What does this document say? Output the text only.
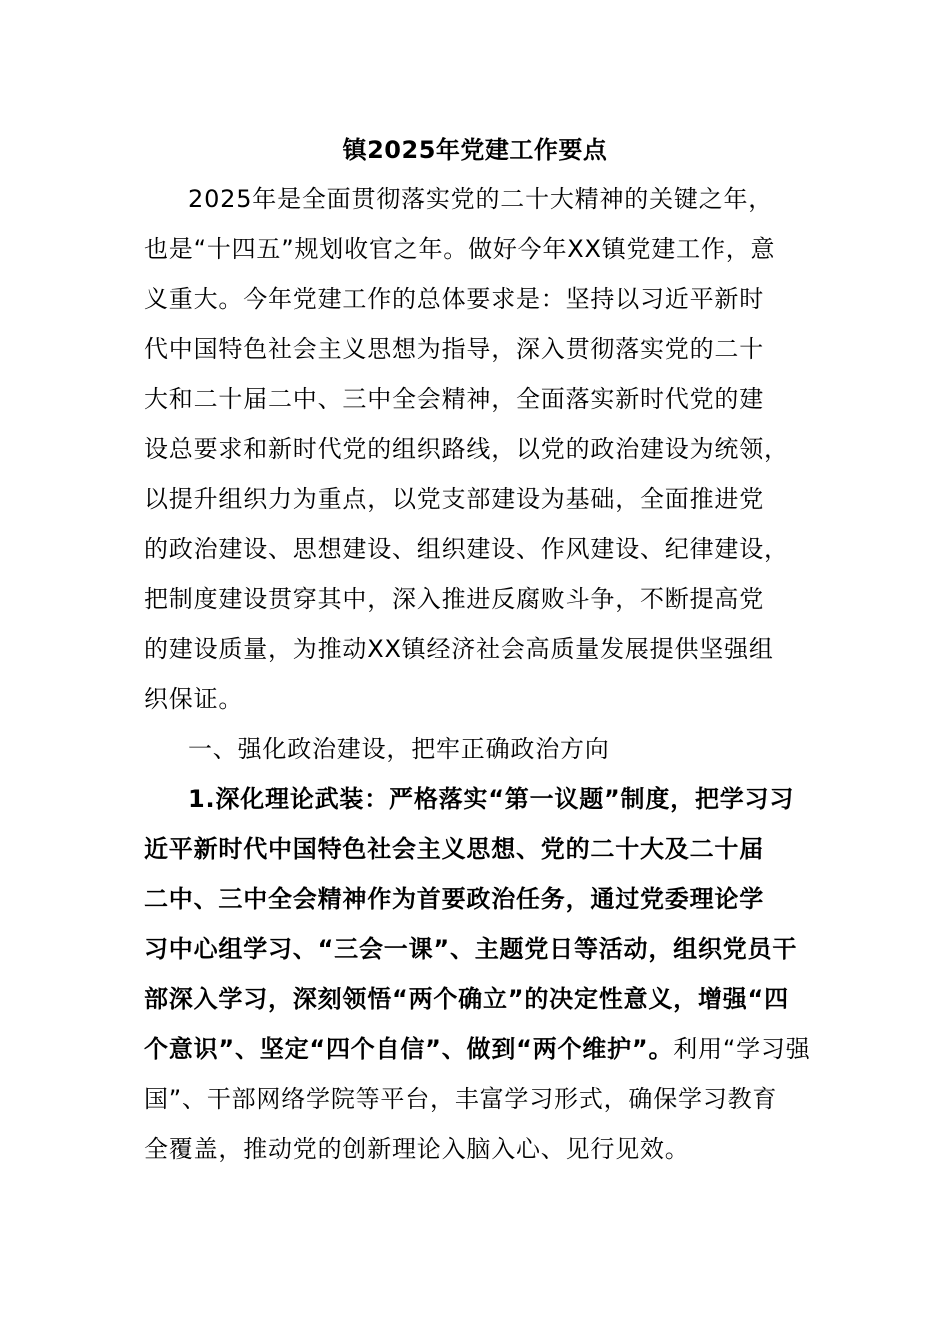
镇2025年党建工作要点
2025年是全面贯彻落实党的二十大精神的关键之年，
也是“十四五”规划收官之年。做好今年XX镇党建工作，意
义重大。今年党建工作的总体要求是：坚持以习近平新时
代中国特色社会主义思想为指导，深入贯彻落实党的二十
大和二十届二中、三中全会精神，全面落实新时代党的建
设总要求和新时代党的组织路线，以党的政治建设为统领，
以提升组织力为重点，以党支部建设为基础，全面推进党
的政治建设、思想建设、组织建设、作风建设、纪律建设，
把制度建设贯穿其中，深入推进反腐败斗争，不断提高党
的建设质量，为推动XX镇经济社会高质量发展提供坚强组
织保证。
一、强化政治建设，把牢正确政治方向
1.深化理论武装：严格落实“第一议题”制度，把学习习
近平新时代中国特色社会主义思想、党的二十大及二十届
二中、三中全会精神作为首要政治任务，通过党委理论学
习中心组学习、“三会一课”、主题党日等活动，组织党员干
部深入学习，深刻领悟“两个确立”的决定性意义，增强“四
个意识”、坚定“四个自信”、做到“两个维护”。利用“学习强
国”、干部网络学院等平台，丰富学习形式，确保学习教育
全覆盖，推动党的创新理论入脑入心、见行见效。
